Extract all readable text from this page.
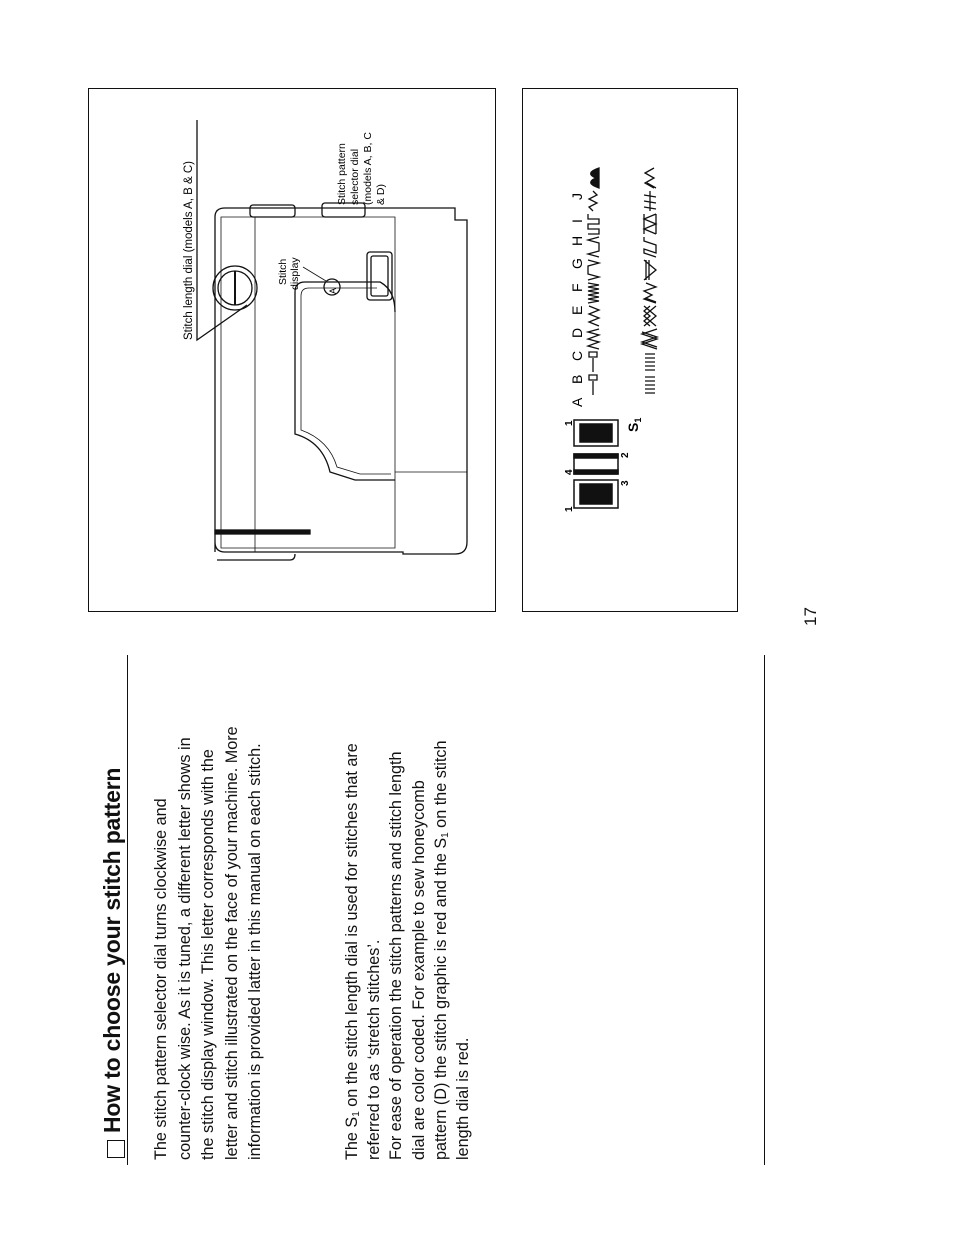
How to choose your stitch pattern The stitch pattern selector dial turns clockwise and counter-clock wise. As it is tuned, a different letter shows in the stitch display window. This letter corresponds with the letter and stitch illustrated on the face of your machine. More information is provided latter in this manual on each stitch.	The $S_1$ on the stitch length dial is used for stitches that are referred to as ‘stretch stitches’. For ease of operation the stitch patterns and stitch length dial are color coded. For example to sew honeycomb pattern (D) the stitch graphic is red and the $S_1$ on the stitch
length dial is red.
Stitch length dial (models A, B & C)	Stitchdisplay
A
Stitch pattern selector dial (models A, B, C & D)
1
3
4
2
1	$S_1$
A
B
C
D
E
F
G
H
I
J
17
